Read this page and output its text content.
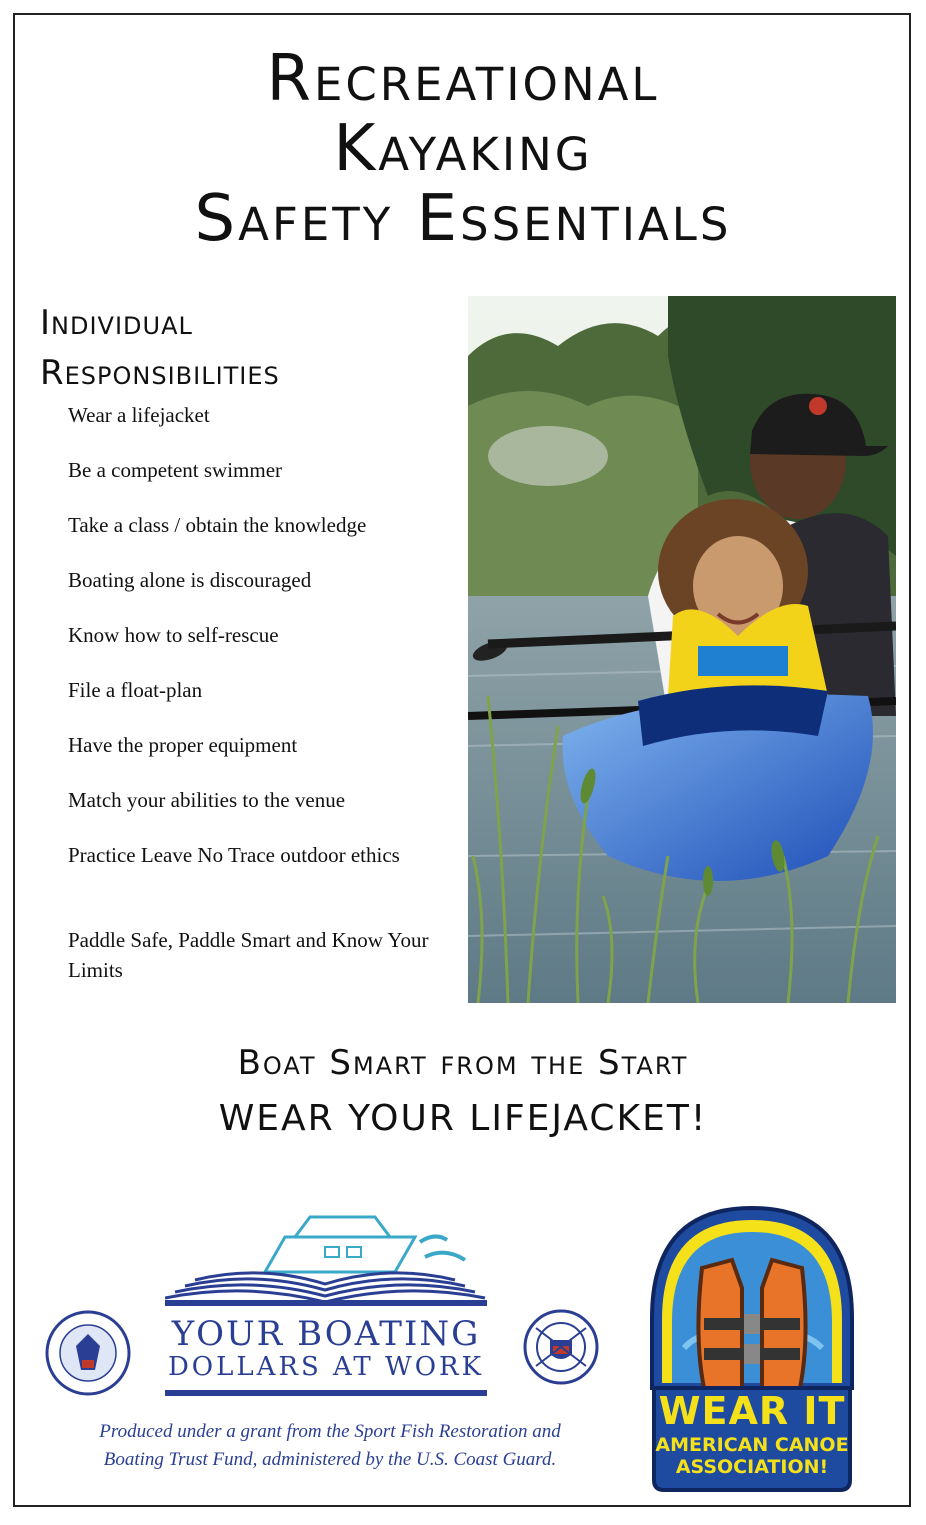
Recreational
Kayaking
Safety Essentials
Individual
Responsibilities
Wear a lifejacket
Be a competent swimmer
Take a class / obtain the knowledge
Boating alone is discouraged
Know how to self-rescue
File a float-plan
Have the proper equipment
Match your abilities to the venue
Practice Leave No Trace outdoor ethics
Paddle Safe, Paddle Smart and Know Your Limits
Boat Smart from the Start
WEAR YOUR LIFEJACKET!
YOUR BOATING
DOLLARS AT WORK
Produced under a grant from the Sport Fish Restoration and
Boating Trust Fund, administered by the U.S. Coast Guard.
WEAR IT
AMERICAN CANOE
ASSOCIATION!
